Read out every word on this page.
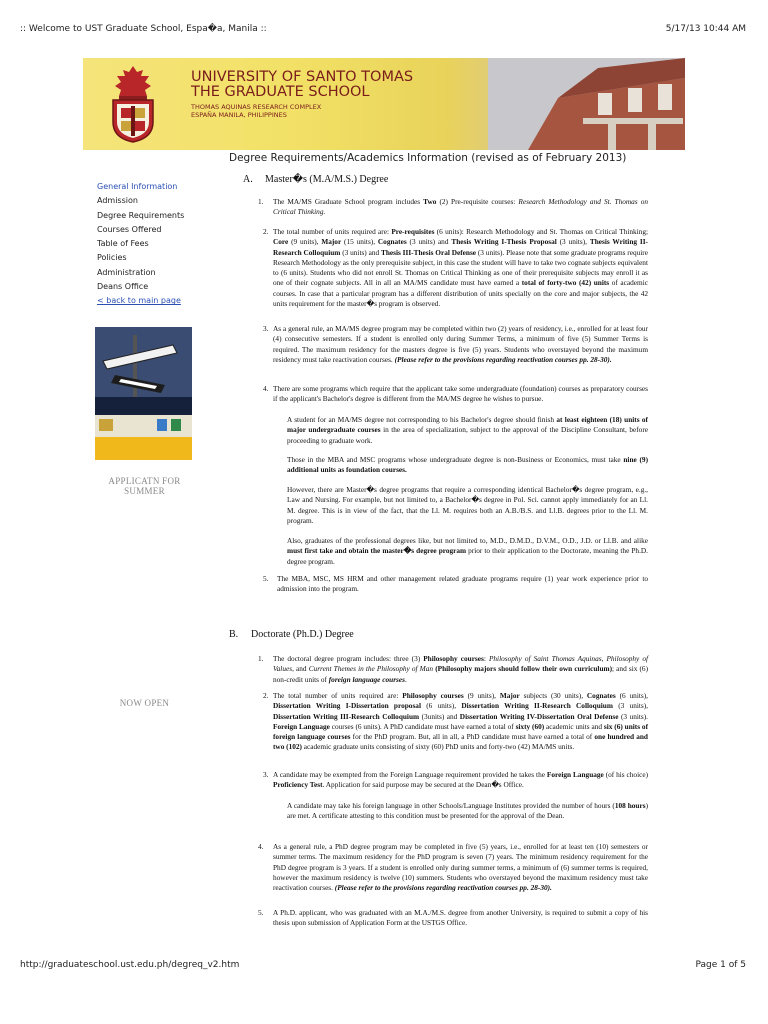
:: Welcome to UST Graduate School, Espa�a, Manila ::	5/17/13 10:44 AM
UNIVERSITY OF SANTO TOMAS
THE GRADUATE SCHOOL
THOMAS AQUINAS RESEARCH COMPLEX
ESPAÑA MANILA, PHILIPPINES
Degree Requirements/Academics Information (revised as of February 2013)
General Information
Admission
Degree Requirements
Courses Offered
Table of Fees
Policies
Administration
Deans Office
< back to main page
APPLICATN FOR
SUMMER
NOW OPEN
A. Master�s (M.A/M.S.) Degree
1. The MA/MS Graduate School program includes Two (2) Pre-requisite courses: Research Methodology and St. Thomas on Critical Thinking.
2. The total number of units required are: Pre-requisites (6 units): Research Methodology and St. Thomas on Critical Thinking; Core (9 units), Major (15 units), Cognates (3 units) and Thesis Writing I-Thesis Proposal (3 units), Thesis Writing II-Research Colloquium (3 units) and Thesis III-Thesis Oral Defense (3 units). Please note that some graduate programs require Research Methodology as the only prerequisite subject, in this case the student will have to take two cognate subjects equivalent to (6 units). Students who did not enroll St. Thomas on Critical Thinking as one of their prerequisite subjects may enroll it as one of their cognate subjects. All in all an MA/MS candidate must have earned a total of forty-two (42) units of academic courses. In case that a particular program has a different distribution of units specially on the core and major subjects, the 42 units requirement for the master�s program is observed.
3. As a general rule, an MA/MS degree program may be completed within two (2) years of residency, i.e., enrolled for at least four (4) consecutive semesters. If a student is enrolled only during Summer Terms, a minimum of five (5) Summer Terms is required. The maximum residency for the masters degree is five (5) years. Students who overstayed beyond the maximum residency must take reactivation courses. (Please refer to the provisions regarding reactivation courses pp. 28-30).
4. There are some programs which require that the applicant take some undergraduate (foundation) courses as preparatory courses if the applicant's Bachelor's degree is different from the MA/MS degree he wishes to pursue.
A student for an MA/MS degree not corresponding to his Bachelor's degree should finish at least eighteen (18) units of major undergraduate courses in the area of specialization, subject to the approval of the Discipline Consultant, before proceeding to graduate work.
Those in the MBA and MSC programs whose undergraduate degree is non-Business or Economics, must take nine (9) additional units as foundation courses.
However, there are Master�s degree programs that require a corresponding identical Bachelor�s degree program, e.g., Law and Nursing. For example, but not limited to, a Bachelor�s degree in Pol. Sci. cannot apply immediately for an Ll. M. degree. This is in view of the fact, that the Ll. M. requires both an A.B./B.S. and Ll.B. degrees prior to the Ll. M. program.
Also, graduates of the professional degrees like, but not limited to, M.D., D.M.D., D.V.M., O.D., J.D. or Ll.B. and alike must first take and obtain the master�s degree program prior to their application to the Doctorate, meaning the Ph.D. degree program.
5. The MBA, MSC, MS HRM and other management related graduate programs require (1) year work experience prior to admission into the program.
B. Doctorate (Ph.D.) Degree
1. The doctoral degree program includes: three (3) Philosophy courses: Philosophy of Saint Thomas Aquinas, Philosophy of Values, and Current Themes in the Philosophy of Man (Philosophy majors should follow their own curriculum); and six (6) non-credit units of foreign language courses.
2. The total number of units required are: Philosophy courses (9 units), Major subjects (30 units), Cognates (6 units), Dissertation Writing I-Dissertation proposal (6 units), Dissertation Writing II-Research Colloquium (3 units), Dissertation Writing III-Research Colloquium (3units) and Dissertation Writing IV-Dissertation Oral Defense (3 units). Foreign Language courses (6 units). A PhD candidate must have earned a total of sixty (60) academic units and six (6) units of foreign language courses for the PhD program. But, all in all, a PhD candidate must have earned a total of one hundred and two (102) academic graduate units consisting of sixty (60) PhD units and forty-two (42) MA/MS units.
3. A candidate may be exempted from the Foreign Language requirement provided he takes the Foreign Language (of his choice) Proficiency Test. Application for said purpose may be secured at the Dean�s Office.
A candidate may take his foreign language in other Schools/Language Institutes provided the number of hours (108 hours) are met. A certificate attesting to this condition must be presented for the approval of the Dean.
4. As a general rule, a PhD degree program may be completed in five (5) years, i.e., enrolled for at least ten (10) semesters or summer terms. The maximum residency for the PhD program is seven (7) years. The minimum residency requirement for the PhD degree program is 3 years. If a student is enrolled only during summer terms, a minimum of (6) summer terms is required, however the maximum residency is twelve (10) summers. Students who overstayed beyond the maximum residency must take reactivation courses. (Please refer to the provisions regarding reactivation courses pp. 28-30).
5. A Ph.D. applicant, who was graduated with an M.A./M.S. degree from another University, is required to submit a copy of his thesis upon submission of Application Form at the USTGS Office.
http://graduateschool.ust.edu.ph/degreq_v2.htm	Page 1 of 5
